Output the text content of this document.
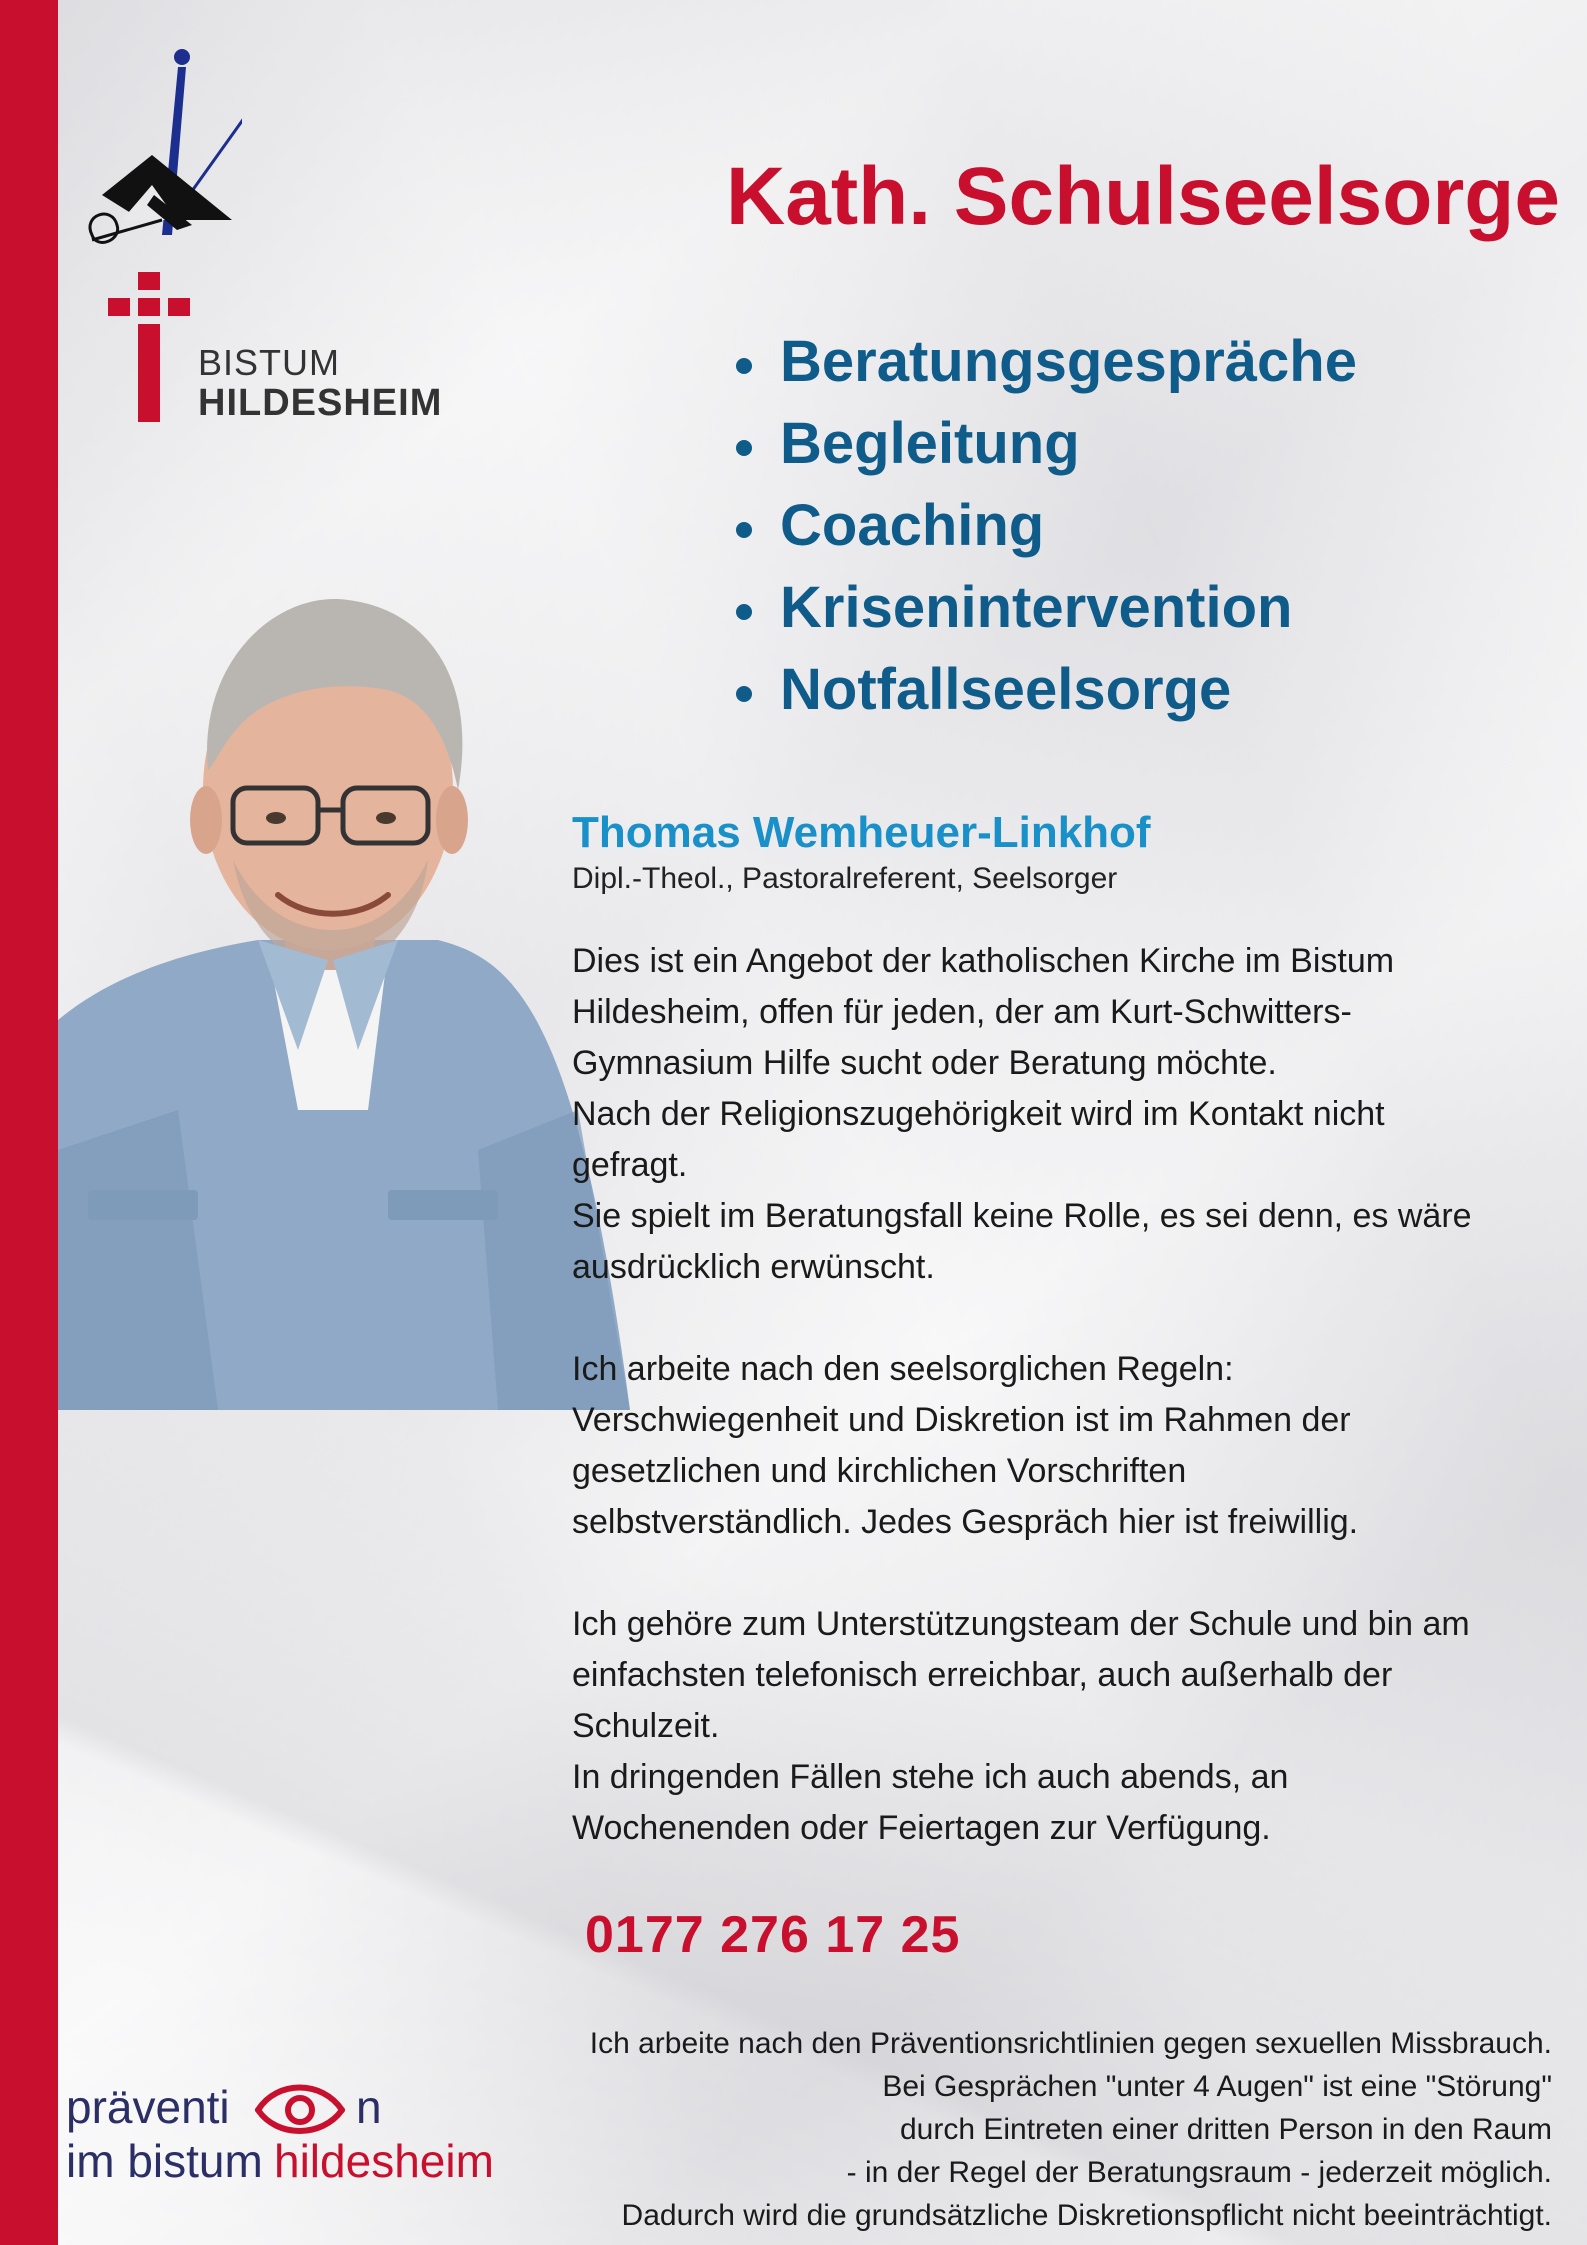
BISTUM
HILDESHEIM
Kath. Schulseelsorge
Beratungsgespräche
Begleitung
Coaching
Krisenintervention
Notfallseelsorge
Thomas Wemheuer-Linkhof
Dipl.-Theol., Pastoralreferent, Seelsorger

Dies ist ein Angebot der katholischen Kirche im Bistum

Hildesheim, offen für jeden, der am Kurt-Schwitters-

Gymnasium Hilfe sucht oder Beratung möchte.

Nach der Religionszugehörigkeit wird im Kontakt nicht

gefragt.

Sie spielt im Beratungsfall keine Rolle, es sei denn, es wäre

ausdrücklich erwünscht.

Ich arbeite nach den seelsorglichen Regeln:

Verschwiegenheit und Diskretion ist im Rahmen der

gesetzlichen und kirchlichen Vorschriften

selbstverständlich. Jedes Gespräch hier ist freiwillig.

Ich gehöre zum Unterstützungsteam der Schule und bin am

einfachsten telefonisch erreichbar, auch außerhalb der

Schulzeit.

In dringenden Fällen stehe ich auch abends, an

Wochenenden oder Feiertagen zur Verfügung.

0177 276 17 25

Ich arbeite nach den Präventionsrichtlinien gegen sexuellen Missbrauch.

Bei Gesprächen "unter 4 Augen" ist eine "Störung"

durch Eintreten einer dritten Person in den Raum

- in der Regel der Beratungsraum - jederzeit möglich.

Dadurch wird die grundsätzliche Diskretionspflicht nicht beeinträchtigt.

präventi	n
im bistum hildesheim
